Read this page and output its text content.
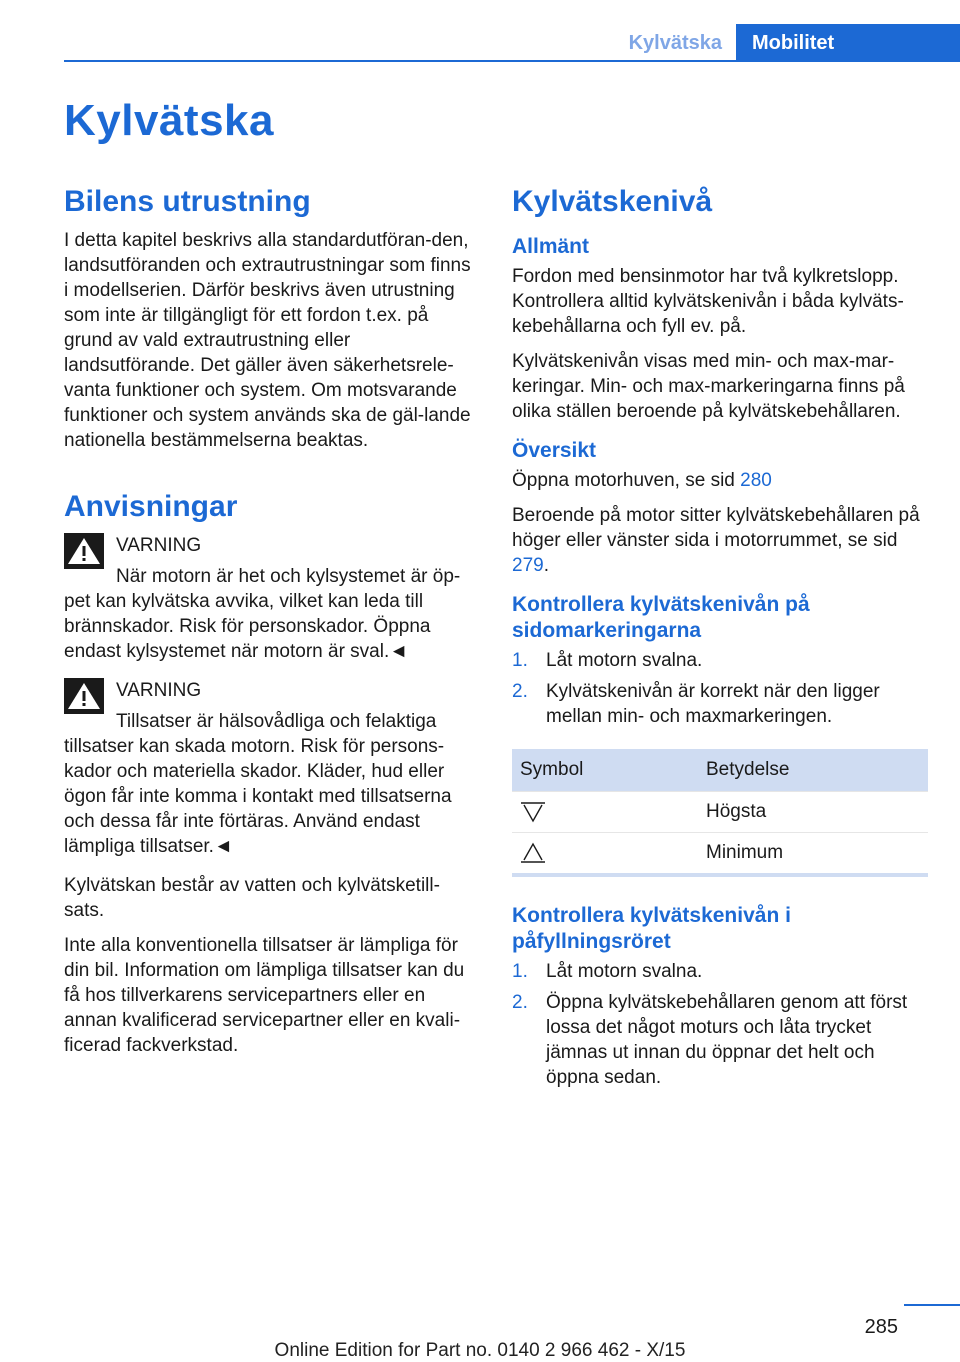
Kylvätska	Mobilitet
Kylvätska
Bilens utrustning

I detta kapitel beskrivs alla standardutföran-den, landsutföranden och extrautrustningar som finns i modellserien. Därför beskrivs även utrustning som inte är tillgängligt för ett fordon t.ex. på grund av vald extrautrustning eller landsutförande. Det gäller även säkerhetsrele-vanta funktioner och system. Om motsvarande funktioner och system används ska de gäl-lande nationella bestämmelserna beaktas.

Anvisningar
VARNING

När motorn är het och kylsystemet är öp-pet kan kylvätska avvika, vilket kan leda till brännskador. Risk för personskador. Öppna endast kylsystemet när motorn är sval.◄

VARNING

Tillsatser är hälsovådliga och felaktiga tillsatser kan skada motorn. Risk för persons-kador och materiella skador. Kläder, hud eller ögon får inte komma i kontakt med tillsatserna och dessa får inte förtäras. Använd endast lämpliga tillsatser.◄

Kylvätskan består av vatten och kylvätsketill-sats.

Inte alla konventionella tillsatser är lämpliga för din bil. Information om lämpliga tillsatser kan du få hos tillverkarens servicepartners eller en annan kvalificerad servicepartner eller en kvali-ficerad fackverkstad.

Kylvätskenivå
Allmänt

Fordon med bensinmotor har två kylkretslopp. Kontrollera alltid kylvätskenivån i båda kylväts-kebehållarna och fyll ev. på.

Kylvätskenivån visas med min- och max-mar-keringar. Min- och max-markeringarna finns på olika ställen beroende på kylvätskebehållaren.

Översikt

Öppna motorhuven, se sid 280

Beroende på motor sitter kylvätskebehållaren på höger eller vänster sida i motorrummet, se sid 279.

Kontrollera kylvätskenivån på sidomarkeringarna
1. Låt motorn svalna.
2. Kylvätskenivån är korrekt när den ligger mellan min- och maxmarkeringen.
Symbol	Betydelse
	Högsta
	Minimum
Kontrollera kylvätskenivån i påfyllningsröret
1. Låt motorn svalna.
2. Öppna kylvätskebehållaren genom att först lossa det något moturs och låta trycket jämnas ut innan du öppnar det helt och öppna sedan.
285
Online Edition for Part no. 0140 2 966 462 - X/15
